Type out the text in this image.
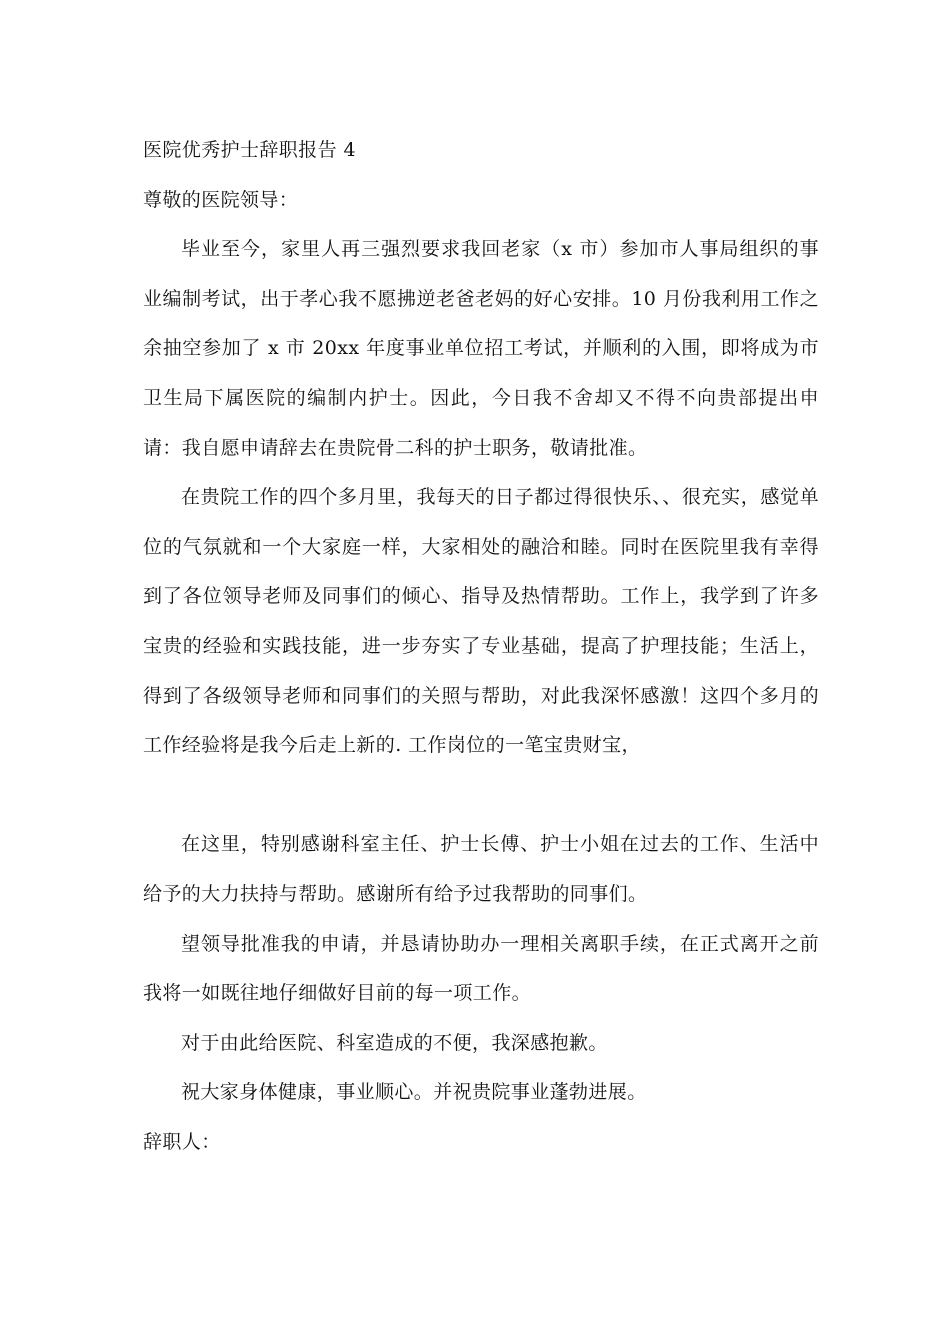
医院优秀护士辞职报告 4
尊敬的医院领导：

毕业至今，家里人再三强烈要求我回老家（x 市）参加市人事局组织的事业编制考试，出于孝心我不愿拂逆老爸老妈的好心安排。10 月份我利用工作之余抽空参加了 x 市 20xx 年度事业单位招工考试，并顺利的入围，即将成为市卫生局下属医院的编制内护士。因此，今日我不舍却又不得不向贵部提出申请：我自愿申请辞去在贵院骨二科的护士职务，敬请批准。

在贵院工作的四个多月里，我每天的日子都过得很快乐、、很充实，感觉单位的气氛就和一个大家庭一样，大家相处的融洽和睦。同时在医院里我有幸得到了各位领导老师及同事们的倾心、指导及热情帮助。工作上，我学到了许多宝贵的经验和实践技能，进一步夯实了专业基础，提高了护理技能；生活上，得到了各级领导老师和同事们的关照与帮助，对此我深怀感激！这四个多月的工作经验将是我今后走上新的. 工作岗位的一笔宝贵财宝，

在这里，特别感谢科室主任、护士长傅、护士小姐在过去的工作、生活中给予的大力扶持与帮助。感谢所有给予过我帮助的同事们。

望领导批准我的申请，并恳请协助办一理相关离职手续，在正式离开之前我将一如既往地仔细做好目前的每一项工作。

对于由此给医院、科室造成的不便，我深感抱歉。

祝大家身体健康，事业顺心。并祝贵院事业蓬勃进展。

辞职人：
